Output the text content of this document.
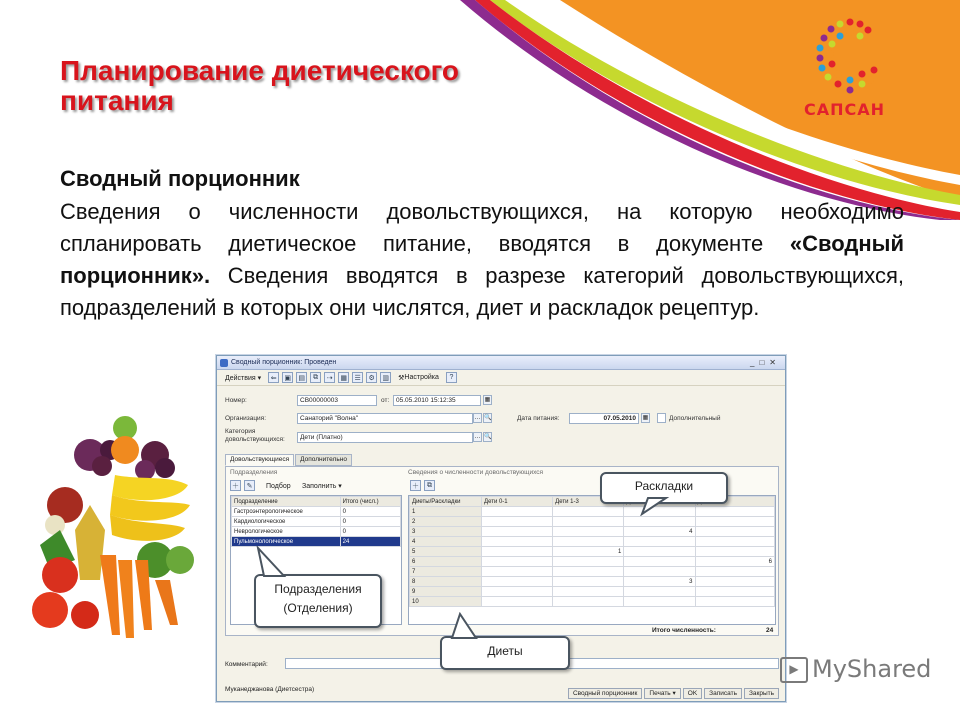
САПСАН
Планирование диетического питания
Сводный порционник
Сведения о численности довольствующихся, на которую необходимо спланировать диетическое питание, вводятся в документе «Сводный порционник». Сведения вводятся в разрезе категорий довольствующихся, подразделений в которых они числятся, диет и раскладок рецептур.
Сводный порционник: Проведен	_□✕
Действия ▾	⇐	▣	▤	⧉	⇢	▦	☰	⚙	▥	⚒ Настройка	?
Номер:	СВ00000003	от:	05.05.2010 15:12:35	▦
Организация:	Санаторий "Волна"	… 🔍	Дата питания:	07.05.2010	▦	Дополнительный
Категория
довольствующихся:	Дети (Платно)	… 🔍
Довольствующиеся	Дополнительно
Подразделения	Сведения о численности довольствующихся
＋	✎	Подбор	Заполнить ▾	＋	⧉
Подразделение	Итого (числ.)
Гастроэнтерологическое	0
Кардиологическое	0
Неврологическое	0
Пульмонологическое	24
Диеты/Раскладки	Дети 0-1	Дети 1-3		
1				
2				
3			4	
4				
5		1		
6				6
7				
8			3	
9				
10				
Итого численность:	24
Комментарий:
Муканеджанова (Диетсестра)
Сводный порционник	Печать ▾	OK	Записать	Закрыть
Раскладки
Подразделения
(Отделения)
Диеты
▶ MyShared
